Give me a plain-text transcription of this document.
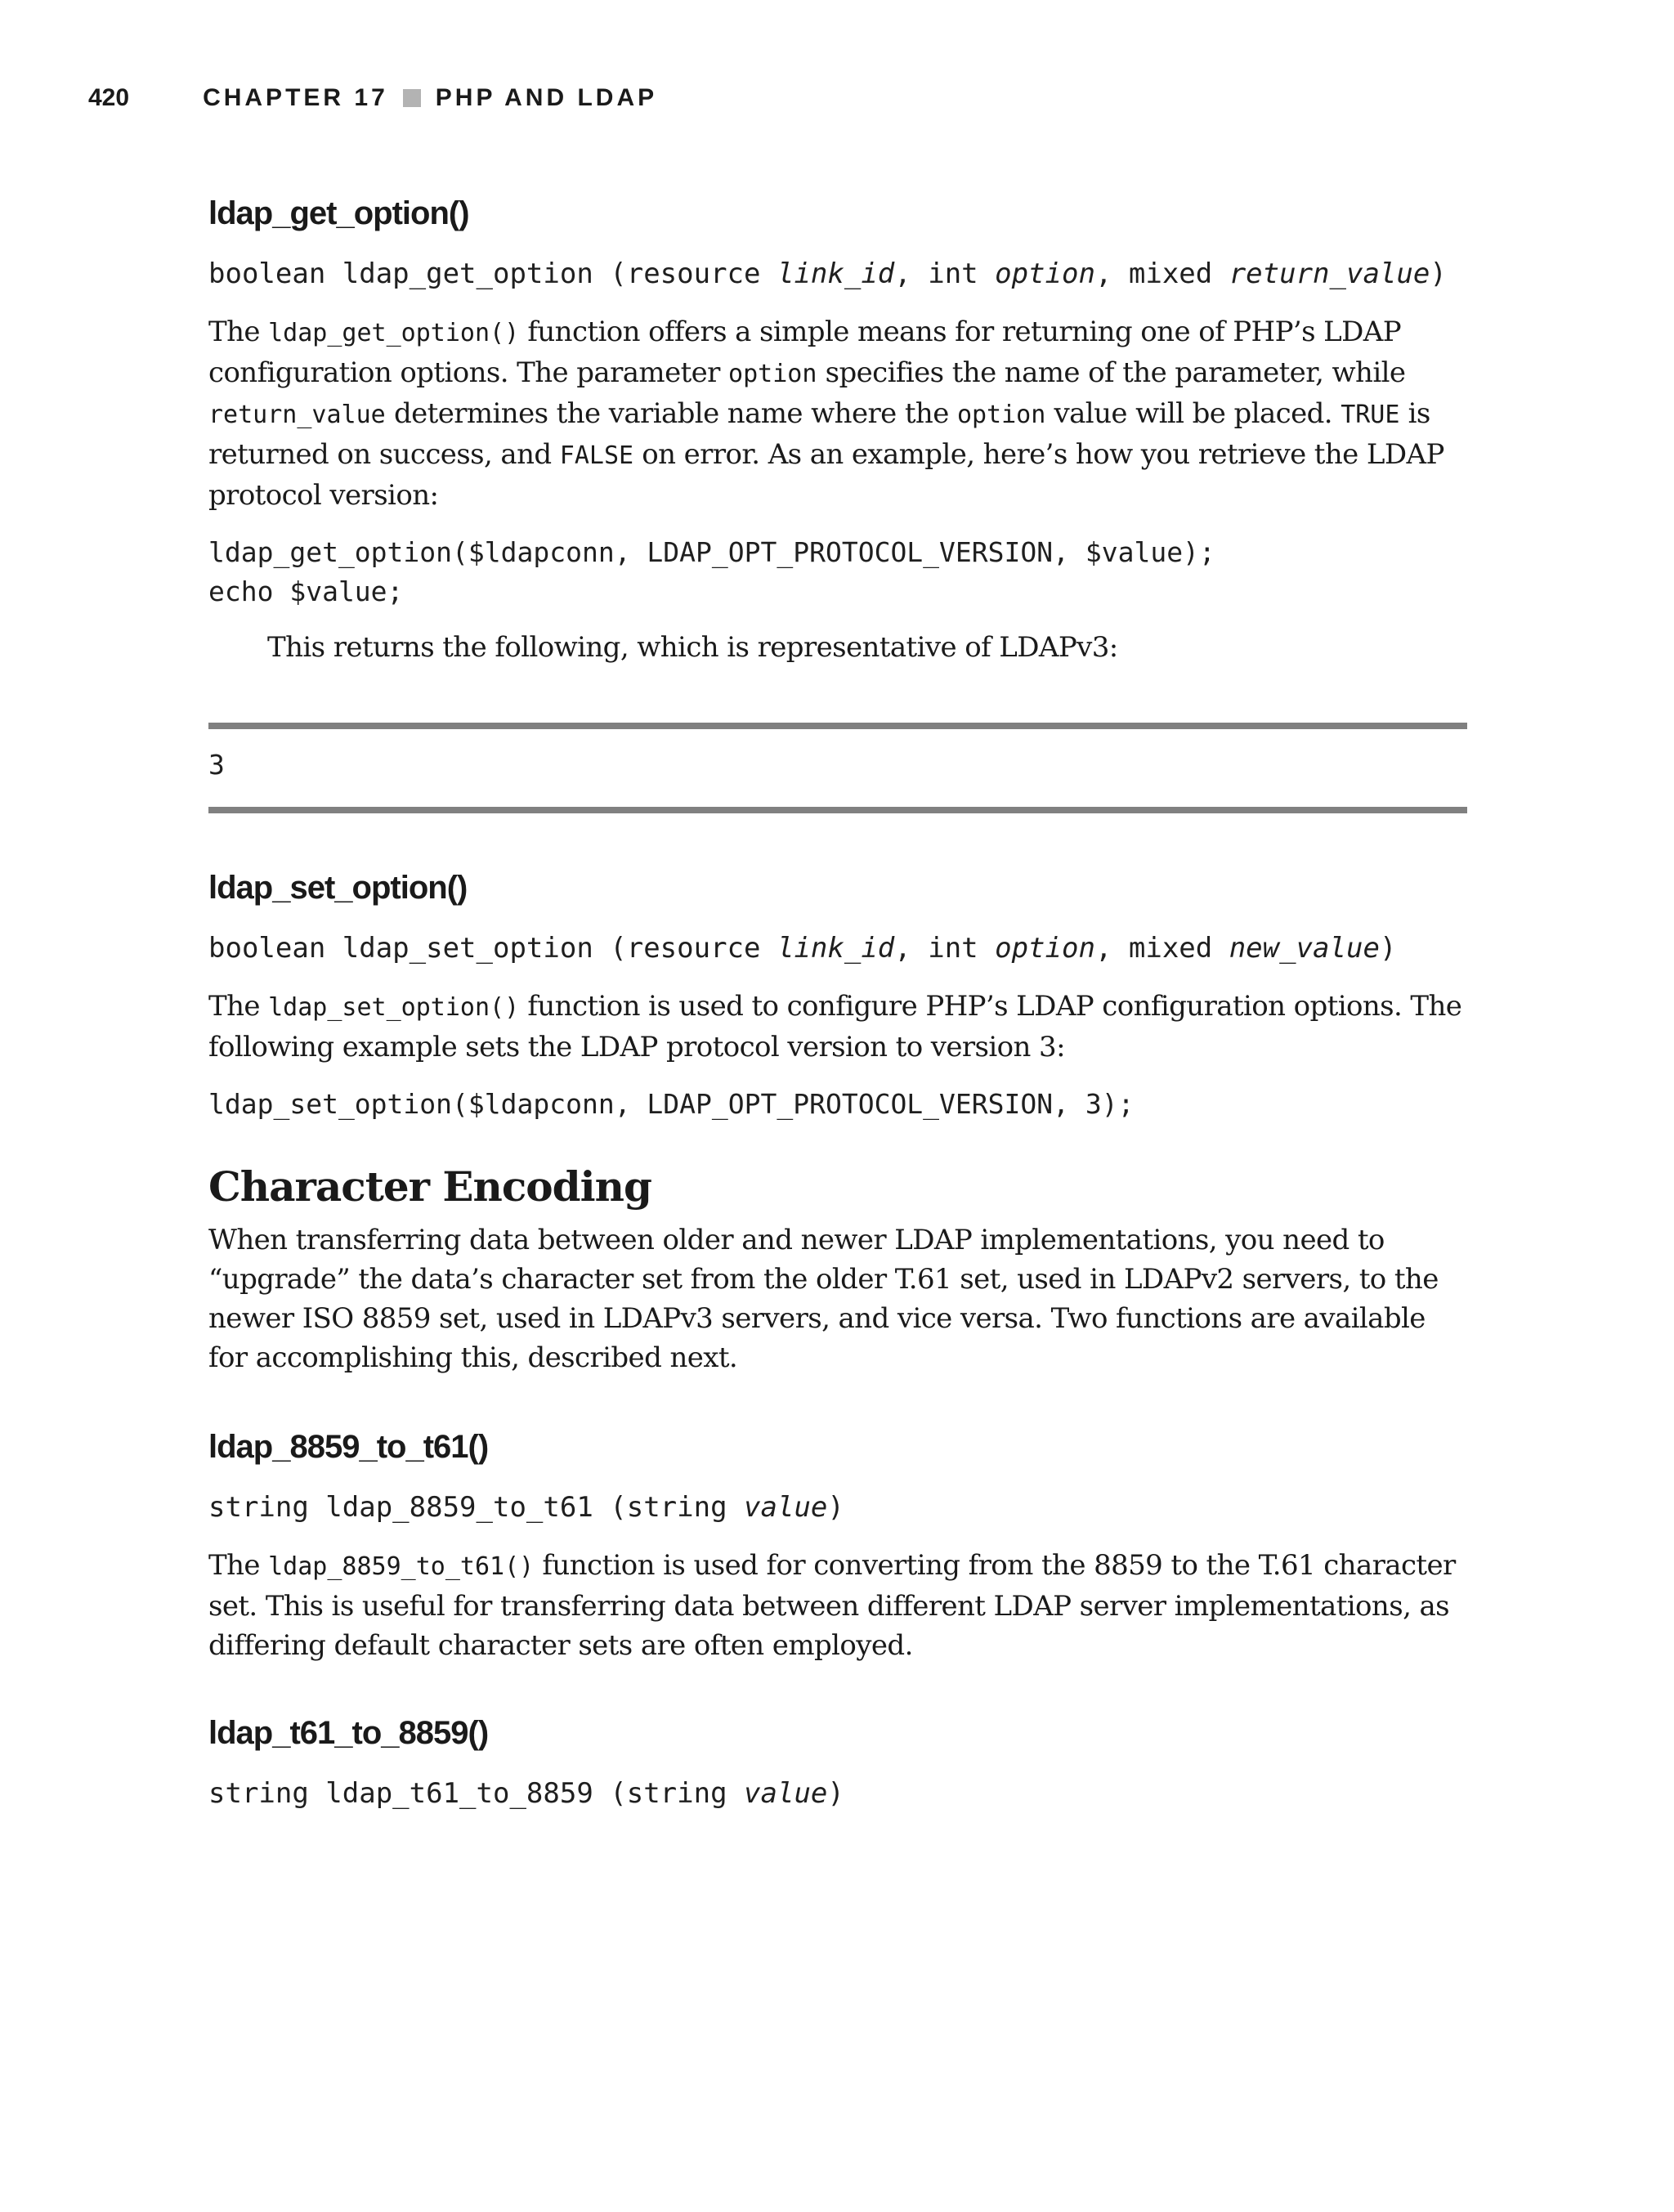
420	CHAPTER 17 PHP AND LDAP
ldap_get_option()
boolean ldap_get_option (resource link_id, int option, mixed return_value)

The ldap_get_option() function offers a simple means for returning one of PHP’s LDAP configuration options. The parameter option specifies the name of the parameter, while return_value determines the variable name where the option value will be placed. TRUE is returned on success, and FALSE on error. As an example, here’s how you retrieve the LDAP protocol version:

ldap_get_option($ldapconn, LDAP_OPT_PROTOCOL_VERSION, $value);
echo $value;

This returns the following, which is representative of LDAPv3:

3
ldap_set_option()
boolean ldap_set_option (resource link_id, int option, mixed new_value)

The ldap_set_option() function is used to configure PHP’s LDAP configuration options. The following example sets the LDAP protocol version to version 3:

ldap_set_option($ldapconn, LDAP_OPT_PROTOCOL_VERSION, 3);
Character Encoding

When transferring data between older and newer LDAP implementations, you need to “upgrade” the data’s character set from the older T.61 set, used in LDAPv2 servers, to the newer ISO 8859 set, used in LDAPv3 servers, and vice versa. Two functions are available for accomplishing this, described next.

ldap_8859_to_t61()
string ldap_8859_to_t61 (string value)

The ldap_8859_to_t61() function is used for converting from the 8859 to the T.61 character set. This is useful for transferring data between different LDAP server implementations, as differing default character sets are often employed.

ldap_t61_to_8859()
string ldap_t61_to_8859 (string value)
